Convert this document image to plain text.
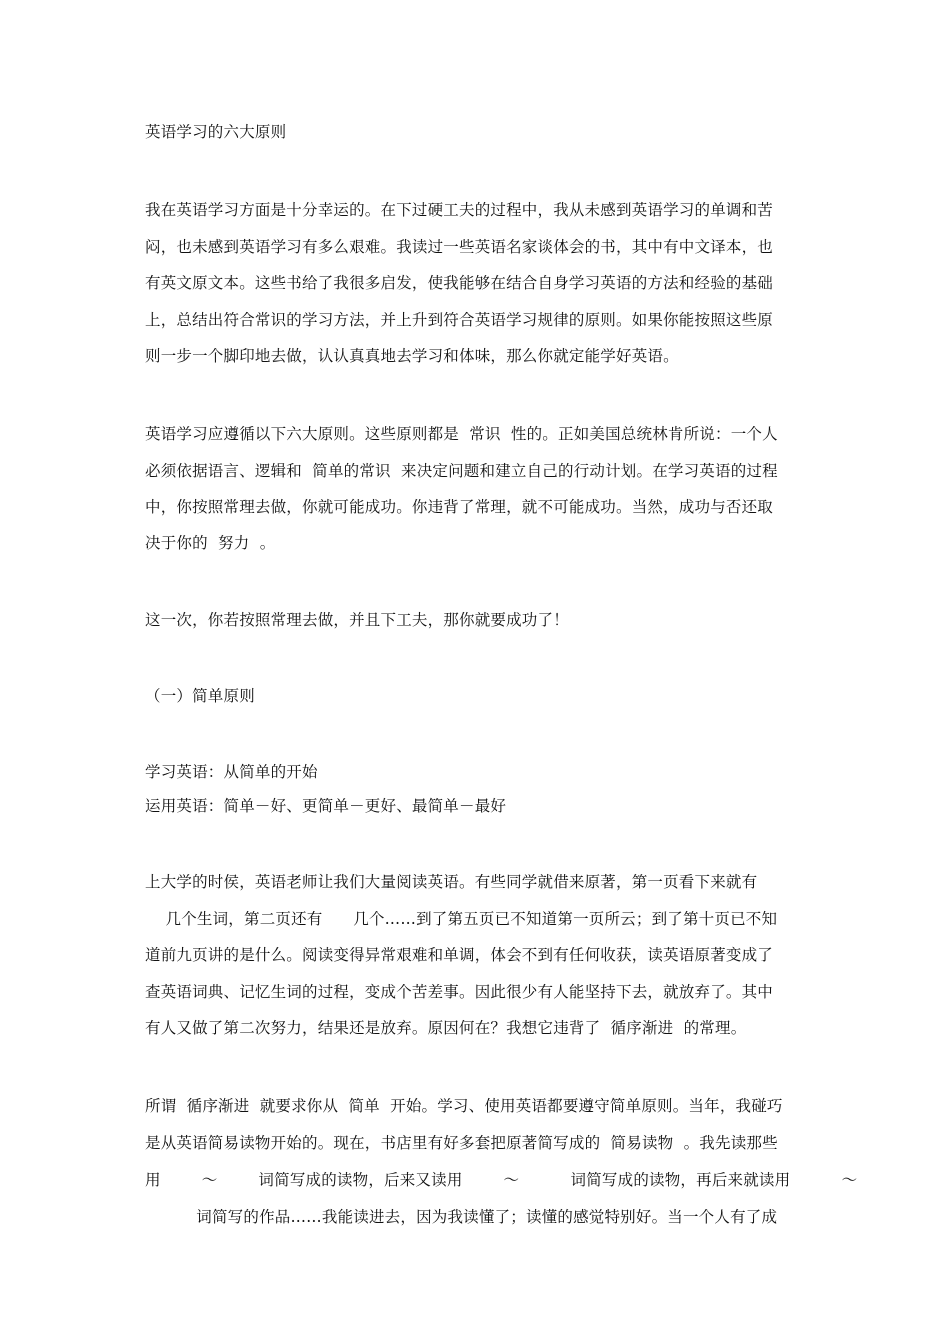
英语学习的六大原则
我在英语学习方面是十分幸运的。在下过硬工夫的过程中，我从未感到英语学习的单调和苦
闷，也未感到英语学习有多么艰难。我读过一些英语名家谈体会的书，其中有中文译本，也
有英文原文本。这些书给了我很多启发，使我能够在结合自身学习英语的方法和经验的基础
上，总结出符合常识的学习方法，并上升到符合英语学习规律的原则。如果你能按照这些原
则一步一个脚印地去做，认认真真地去学习和体味，那么你就定能学好英语。
英语学习应遵循以下六大原则。这些原则都是  常识  性的。正如美国总统林肯所说：一个人
必须依据语言、逻辑和  简单的常识  来决定问题和建立自己的行动计划。在学习英语的过程
中，你按照常理去做，你就可能成功。你违背了常理，就不可能成功。当然，成功与否还取
决于你的  努力  。
这一次，你若按照常理去做，并且下工夫，那你就要成功了！
（一）简单原则
学习英语：从简单的开始
运用英语：简单－好、更简单－更好、最简单－最好
上大学的时侯，英语老师让我们大量阅读英语。有些同学就借来原著，第一页看下来就有
几个生词，第二页还有      几个……到了第五页已不知道第一页所云；到了第十页已不知
道前九页讲的是什么。阅读变得异常艰难和单调，体会不到有任何收获，读英语原著变成了
查英语词典、记忆生词的过程，变成个苦差事。因此很少有人能坚持下去，就放弃了。其中
有人又做了第二次努力，结果还是放弃。原因何在？我想它违背了  循序渐进  的常理。
所谓  循序渐进  就要求你从  简单  开始。学习、使用英语都要遵守简单原则。当年，我碰巧
是从英语简易读物开始的。现在，书店里有好多套把原著简写成的  简易读物  。我先读那些
用        ～        词简写成的读物，后来又读用        ～          词简写成的读物，再后来就读用          ～
词简写的作品……我能读进去，因为我读懂了；读懂的感觉特别好。当一个人有了成
